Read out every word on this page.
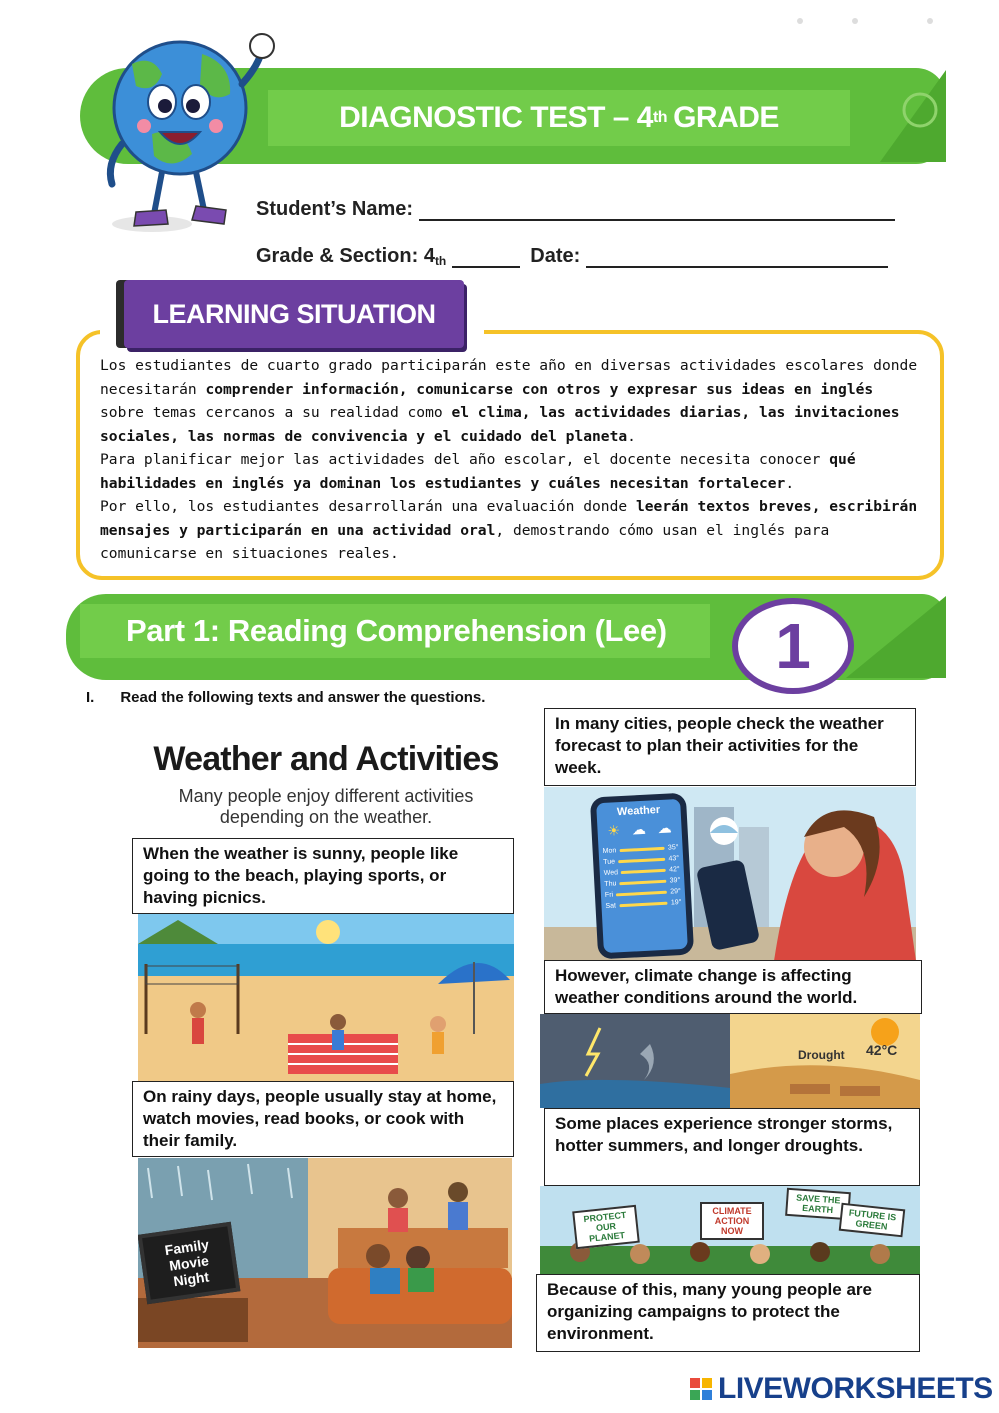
DIAGNOSTIC TEST – 4 th GRADE
Student’s Name:
Grade & Section: $4_{th}$	Date:
LEARNING SITUATION

Los estudiantes de cuarto grado participarán este año en diversas actividades escolares donde necesitarán comprender información, comunicarse con otros y expresar sus ideas en inglés sobre temas cercanos a su realidad como el clima, las actividades diarias, las invitaciones sociales, las normas de convivencia y el cuidado del planeta.

Para planificar mejor las actividades del año escolar, el docente necesita conocer qué habilidades en inglés ya dominan los estudiantes y cuáles necesitan fortalecer.

Por ello, los estudiantes desarrollarán una evaluación donde leerán textos breves, escribirán mensajes y participarán en una actividad oral, demostrando cómo usan el inglés para comunicarse en situaciones reales.

Part 1: Reading Comprehension (Lee)	1
I. Read the following texts and answer the questions.
Weather and Activities
Many people enjoy different activities depending on the weather.
When the weather is sunny, people like going to the beach, playing sports, or having picnics.
On rainy days, people usually stay at home, watch movies, read books, or cook with their family.
Family Movie Night
In many cities, people check the weather forecast to plan their activities for the week.
Weather
☀ ☁ ☁
Mon	35°
Tue	43°
Wed	42°
Thu	39°
Fri	29°
Sat	19°
However, climate change is affecting weather conditions around the world.
Drought 42°C
Some places experience stronger storms, hotter summers, and longer droughts.
PROTECT OUR PLANET
CLIMATE ACTION NOW
SAVE THE EARTH	FUTURE IS GREEN
Because of this, many young people are organizing campaigns to protect the environment.
LIVEWORKSHEETS
